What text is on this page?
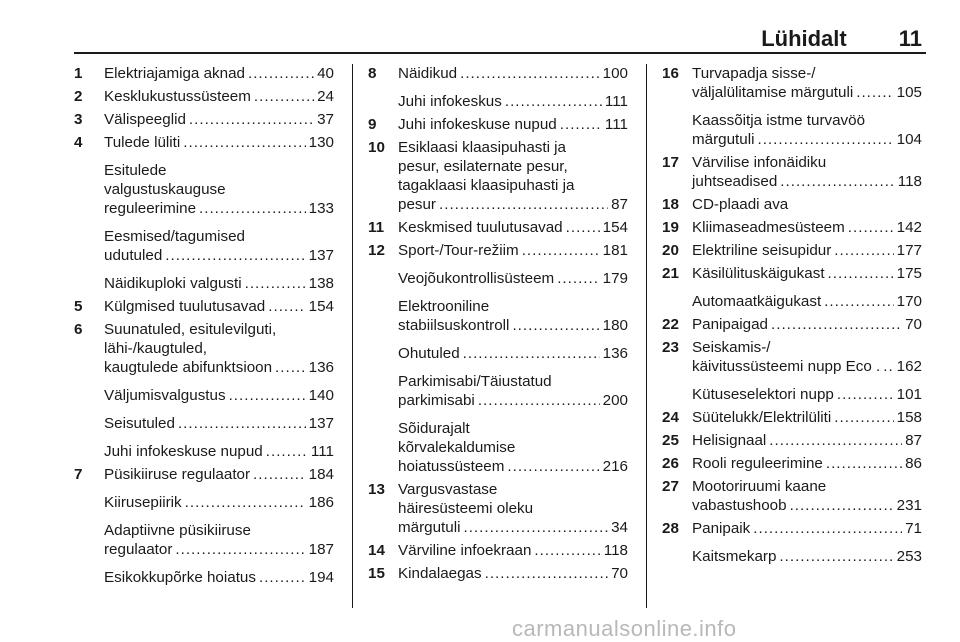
Lühidalt 11
1	Elektriajamiga aknad .....	40
2	Kesklukustussüsteem .....	24
3	Välispeeglid .....	37
4	Tulede lüliti .....	130
Esitulede
valgustuskauguse
reguleerimine .....	133
Eesmised/tagumised
udutuled .....	137
Näidikuploki valgusti .....	138
5	Külgmised tuulutusavad .....	154
6	Suunatuled, esitulevilguti,
lähi-/kaugtuled,
kaugtulede abifunktsioon ..... 136
Väljumisvalgustus .....	140
Seisutuled .....	137
Juhi infokeskuse nupud .....	111
7	Püsikiiruse regulaator .....	184
Kiirusepiirik .....	186
Adaptiivne püsikiiruse
regulaator .....	187
Esikokkupõrke hoiatus .....	194
8	Näidikud .....	100
Juhi infokeskus .....	111
9	Juhi infokeskuse nupud .....	111
10 Esiklaasi klaasipuhasti ja
pesur, esilaternate pesur,
tagaklaasi klaasipuhasti ja
pesur .....	87
11 Keskmised tuulutusavad .....	154
12 Sport-/Tour-režiim .....	181
Veojõukontrollisüsteem .....	179
Elektrooniline
stabiilsuskontroll .....	180
Ohutuled .....	136
Parkimisabi/Täiustatud
parkimisabi .....	200
Sõidurajalt
kõrvalekaldumise
hoiatussüsteem .....	216
13 Vargusvastase
häiresüsteemi oleku
märgutuli .....	34
14 Värviline infoekraan .....	118
15 Kindalaegas .....	70
16 Turvapadja sisse-/
väljalülitamise märgutuli .....	105
Kaassõitja istme turvavöö
märgutuli .....	104
17 Värvilise infonäidiku
juhtseadised .....	118
18 CD-plaadi ava
19 Kliimaseadmesüsteem .....	142
20 Elektriline seisupidur .....	177
21 Käsilülituskäigukast .....	175
Automaatkäigukast .....	170
22 Panipaigad .....	70
23 Seiskamis-/
käivitussüsteemi nupp Eco . ..... 162
Kütuseselektori nupp .....	101
24 Süütelukk/Elektrilüliti .....	158
25 Helisignaal .....	87
26 Rooli reguleerimine .....	86
27 Mootoriruumi kaane
vabastushoob .....	231
28 Panipaik .....	71
Kaitsmekarp .....	253
carmanualsonline.info
